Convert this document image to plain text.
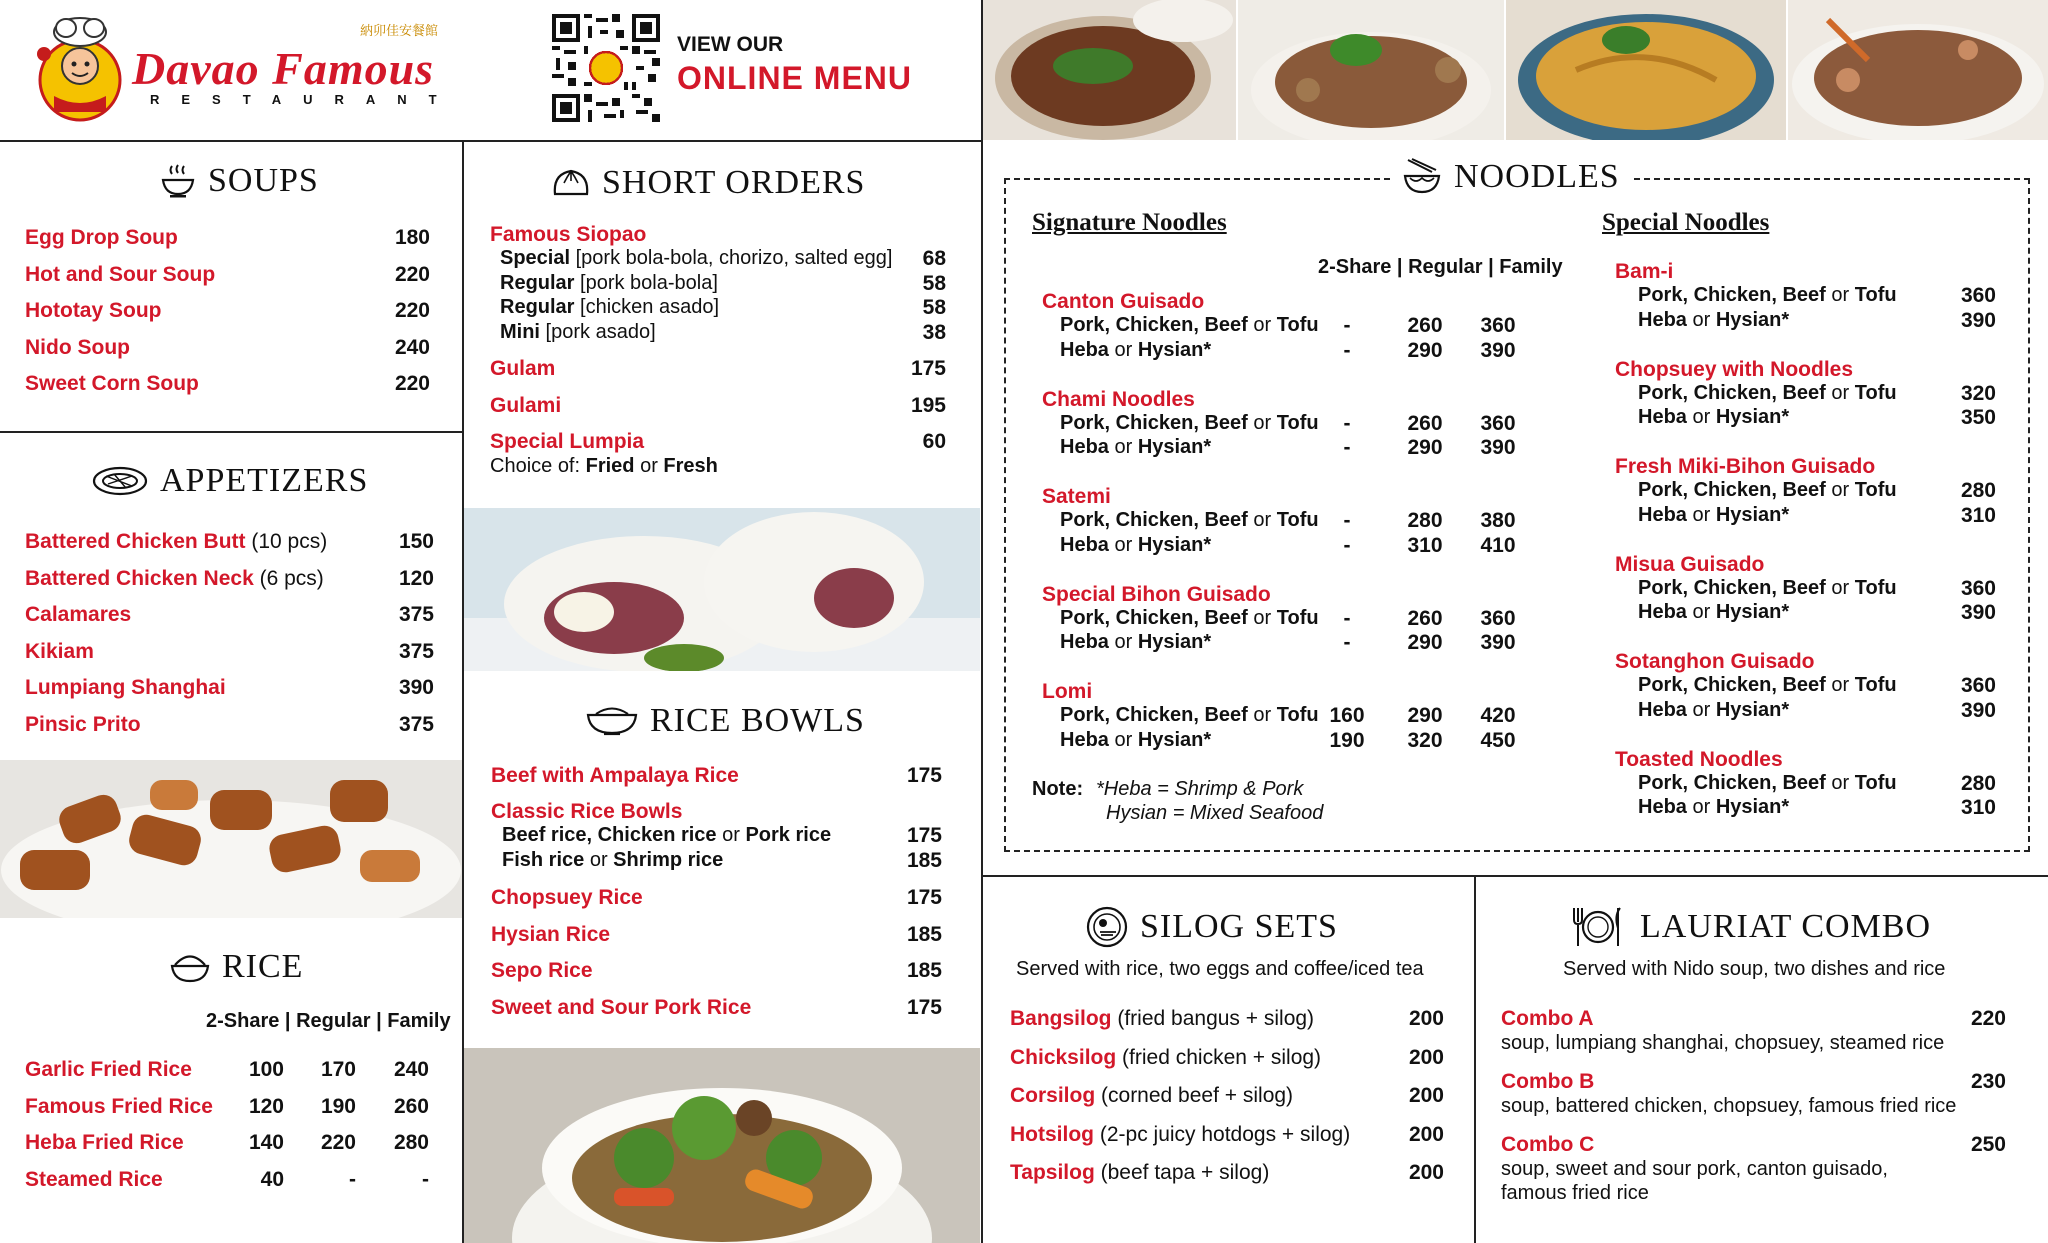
Davao Famous
納卯佳安餐館
RESTAURANT
VIEW OUR
ONLINE MENU
SOUPS
Egg Drop Soup	180
Hot and Sour Soup	220
Hototay Soup	220
Nido Soup	240
Sweet Corn Soup	220
APPETIZERS
Battered Chicken Butt (10 pcs)	150
Battered Chicken Neck (6 pcs)	120
Calamares	375
Kikiam	375
Lumpiang Shanghai	390
Pinsic Prito	375
RICE
2-Share | Regular | Family
Garlic Fried Rice	100	170	240
Famous Fried Rice	120	190	260
Heba Fried Rice	140	220	280
Steamed Rice	40	-	-
SHORT ORDERS
Famous Siopao
Special [pork bola-bola, chorizo, salted egg]	68
Regular [pork bola-bola]	58
Regular [chicken asado]	58
Mini [pork asado]	38
Gulam	175
Gulami	195
Special Lumpia	60
Choice of: Fried or Fresh
RICE BOWLS
Beef with Ampalaya Rice	175
Classic Rice Bowls
Beef rice, Chicken rice or Pork rice	175
Fish rice or Shrimp rice	185
Chopsuey Rice	175
Hysian Rice	185
Sepo Rice	185
Sweet and Sour Pork Rice	175
NOODLES
Signature Noodles	Special Noodles
2-Share | Regular | Family
Canton Guisado
Pork, Chicken, Beef or Tofu	-	260	360
Heba or Hysian*	-	290	390
Chami Noodles
Pork, Chicken, Beef or Tofu	-	260	360
Heba or Hysian*	-	290	390
Satemi
Pork, Chicken, Beef or Tofu	-	280	380
Heba or Hysian*	-	310	410
Special Bihon Guisado
Pork, Chicken, Beef or Tofu	-	260	360
Heba or Hysian*	-	290	390
Lomi
Pork, Chicken, Beef or Tofu 160	290	420
Heba or Hysian*	190	320	450
Bam-i
Pork, Chicken, Beef or Tofu	360
Heba or Hysian*	390
Chopsuey with Noodles
Pork, Chicken, Beef or Tofu	320
Heba or Hysian*	350
Fresh Miki-Bihon Guisado
Pork, Chicken, Beef or Tofu	280
Heba or Hysian*	310
Misua Guisado
Pork, Chicken, Beef or Tofu	360
Heba or Hysian*	390
Sotanghon Guisado
Pork, Chicken, Beef or Tofu	360
Heba or Hysian*	390
Toasted Noodles
Pork, Chicken, Beef or Tofu	280
Heba or Hysian*	310
Note: *Heba = Shrimp & Pork
Hysian = Mixed Seafood
SILOG SETS
Served with rice, two eggs and coffee/iced tea
Bangsilog (fried bangus + silog)	200
Chicksilog (fried chicken + silog)	200
Corsilog (corned beef + silog)	200
Hotsilog (2-pc juicy hotdogs + silog)	200
Tapsilog (beef tapa + silog)	200
LAURIAT COMBO
Served with Nido soup, two dishes and rice
Combo A	220
soup, lumpiang shanghai, chopsuey, steamed rice
Combo B	230
soup, battered chicken, chopsuey, famous fried rice
Combo C	250
soup, sweet and sour pork, canton guisado,
famous fried rice
